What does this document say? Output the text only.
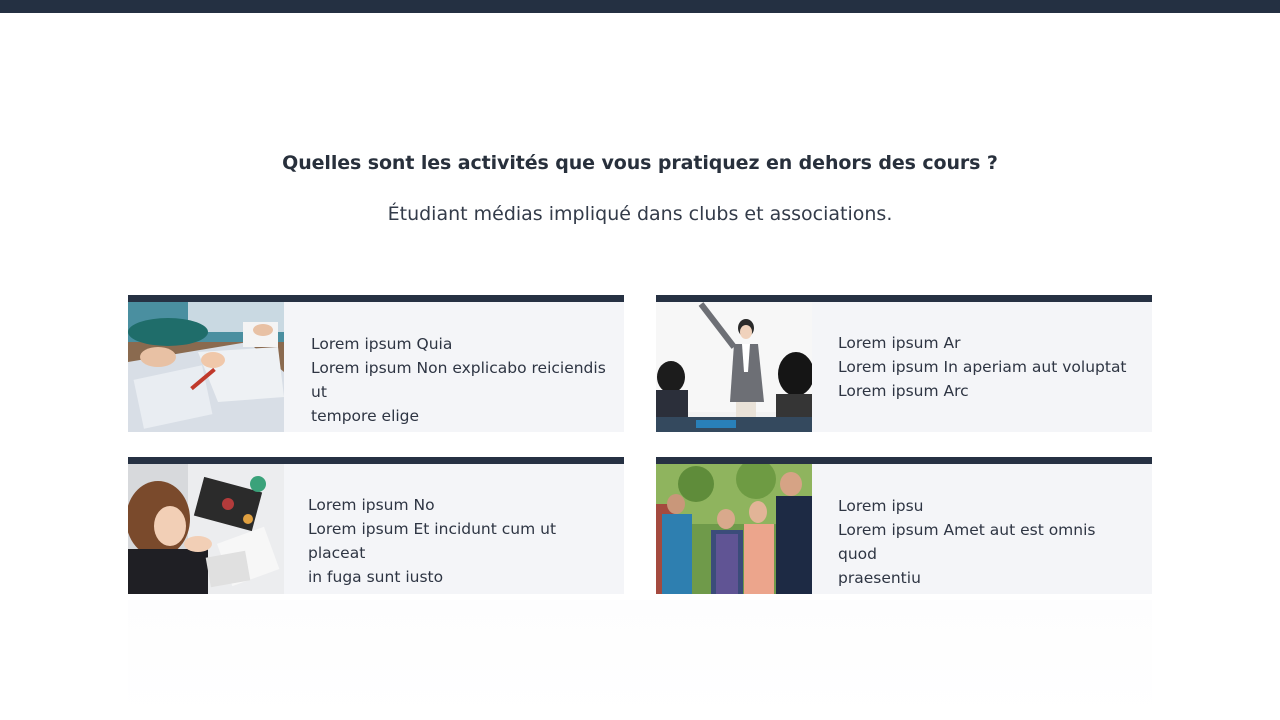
Quelles sont les activités que vous pratiquez en dehors des cours ?
Étudiant médias impliqué dans clubs et associations.
Lorem ipsum Quia
Lorem ipsum Non explicabo reiciendis ut
tempore elige
Lorem ipsum Ar
Lorem ipsum In aperiam aut voluptat
Lorem ipsum Arc
Lorem ipsum No
Lorem ipsum Et incidunt cum ut placeat
in fuga sunt iusto
Lorem ipsu
Lorem ipsum Amet aut est omnis quod
praesentiu
